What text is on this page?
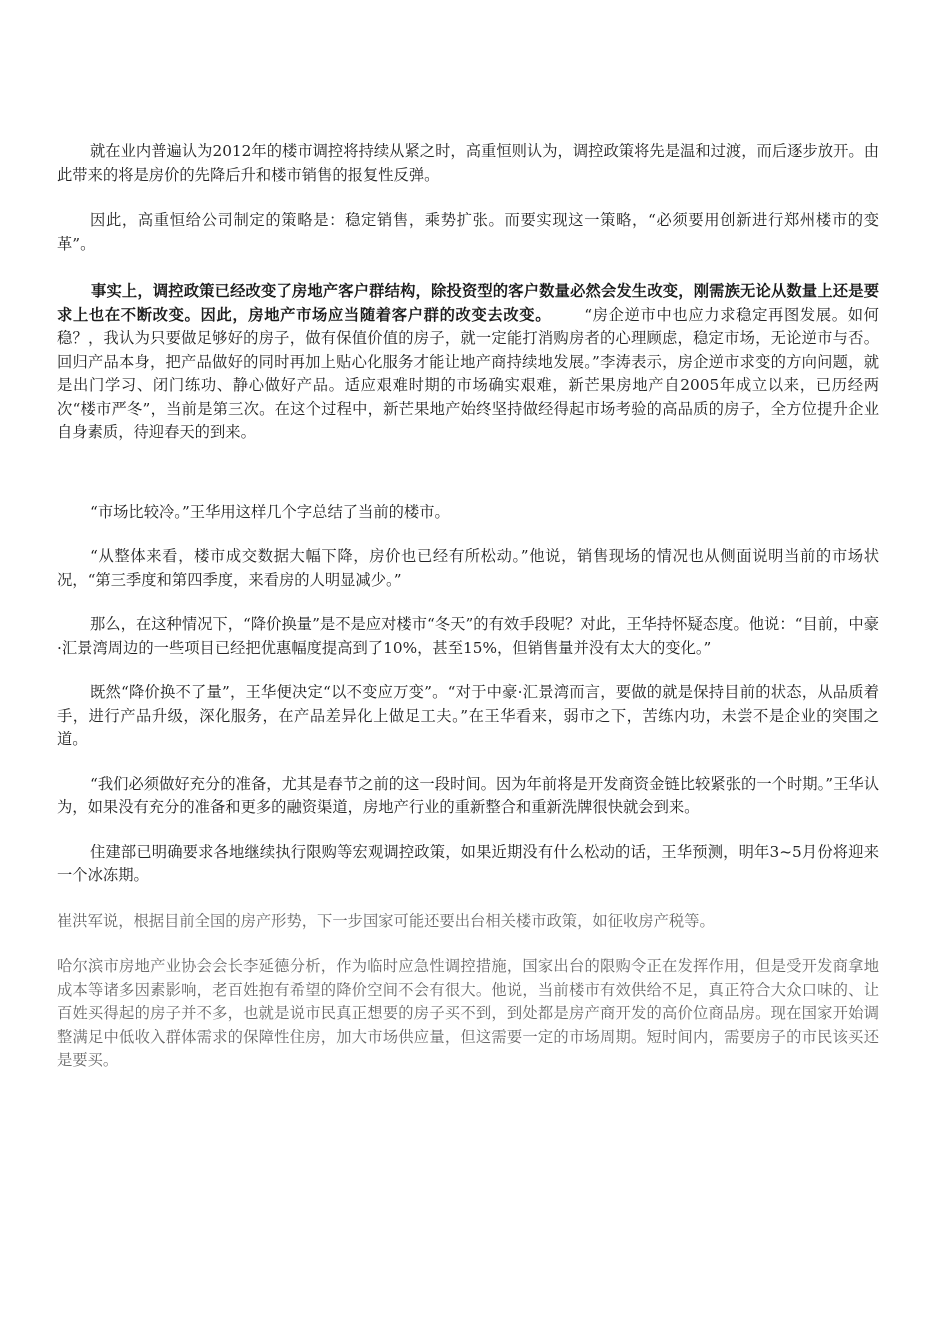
就在业内普遍认为2012年的楼市调控将持续从紧之时，高重恒则认为，调控政策将先是温和过渡，而后逐步放开。由此带来的将是房价的先降后升和楼市销售的报复性反弹。

因此，高重恒给公司制定的策略是：稳定销售，乘势扩张。而要实现这一策略，“必须要用创新进行郑州楼市的变革”。

事实上，调控政策已经改变了房地产客户群结构，除投资型的客户数量必然会发生改变，刚需族无论从数量上还是要求上也在不断改变。因此，房地产市场应当随着客户群的改变去改变。 “房企逆市中也应力求稳定再图发展。如何稳？，我认为只要做足够好的房子，做有保值价值的房子，就一定能打消购房者的心理顾虑，稳定市场，无论逆市与否。回归产品本身，把产品做好的同时再加上贴心化服务才能让地产商持续地发展。”李涛表示，房企逆市求变的方向问题，就是出门学习、闭门练功、静心做好产品。适应艰难时期的市场确实艰难，新芒果房地产自2005年成立以来，已历经两次“楼市严冬”，当前是第三次。在这个过程中，新芒果地产始终坚持做经得起市场考验的高品质的房子，全方位提升企业自身素质，待迎春天的到来。

“市场比较冷。”王华用这样几个字总结了当前的楼市。

“从整体来看，楼市成交数据大幅下降，房价也已经有所松动。”他说，销售现场的情况也从侧面说明当前的市场状况，“第三季度和第四季度，来看房的人明显减少。”

那么，在这种情况下，“降价换量”是不是应对楼市“冬天”的有效手段呢？对此，王华持怀疑态度。他说：“目前，中豪·汇景湾周边的一些项目已经把优惠幅度提高到了10%，甚至15%，但销售量并没有太大的变化。”

既然“降价换不了量”，王华便决定“以不变应万变”。“对于中豪·汇景湾而言，要做的就是保持目前的状态，从品质着手，进行产品升级，深化服务，在产品差异化上做足工夫。”在王华看来，弱市之下，苦练内功，未尝不是企业的突围之道。

“我们必须做好充分的准备，尤其是春节之前的这一段时间。因为年前将是开发商资金链比较紧张的一个时期。”王华认为，如果没有充分的准备和更多的融资渠道，房地产行业的重新整合和重新洗牌很快就会到来。

住建部已明确要求各地继续执行限购等宏观调控政策，如果近期没有什么松动的话，王华预测，明年3~5月份将迎来一个冰冻期。

崔洪军说，根据目前全国的房产形势，下一步国家可能还要出台相关楼市政策，如征收房产税等。

哈尔滨市房地产业协会会长李延德分析，作为临时应急性调控措施，国家出台的限购令正在发挥作用，但是受开发商拿地成本等诸多因素影响，老百姓抱有希望的降价空间不会有很大。他说，当前楼市有效供给不足，真正符合大众口味的、让百姓买得起的房子并不多，也就是说市民真正想要的房子买不到，到处都是房产商开发的高价位商品房。现在国家开始调整满足中低收入群体需求的保障性住房，加大市场供应量，但这需要一定的市场周期。短时间内，需要房子的市民该买还是要买。
